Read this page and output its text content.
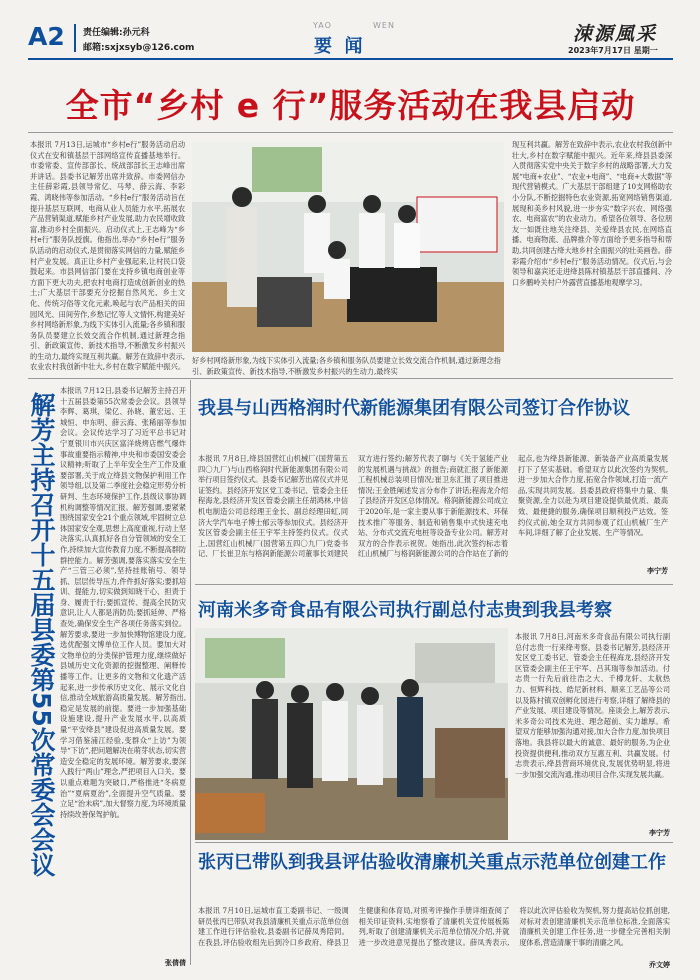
A2 责任编辑:孙元科
邮箱:sxjxsyb@126.com
YAO	WEN
要  闻
涑源風采
2023年7月17日 星期一
全市“乡村 e 行”服务活动在我县启动
本报讯 7月13日,运城市“乡村e行”服务活动启动仪式在安和镇基层干部网络宣传直播基地举行。市委常委、宣传部部长、统战部部长王志峰出席并讲话。县委书记解芳出席并致辞。市委网信办主任薛彩霞,县领导常亿、马琴、薛云海、李彩霞、鸿晓伟等参加活动。“乡村e行”服务活动旨在提升基层互联网、电商从业人员能力水平,拓展农产品营销渠道,赋能乡村产业发展,助力农民增收致富,推动乡村全面振兴。启动仪式上,王志峰为“乡村e行”服务队授旗。他指出,举办“乡村e行”服务队活动的启动仪式,是贯彻落实网信的力量,赋能乡村产业发展。真正让乡村产业强起来,让村民口袋鼓起来。市县网信部门要在支持乡镇电商创业等方面下更大功夫,把农村电商打造成创新创业的热土;广大基层干部要充分挖掘自然风光、乡土文化、传统习俗等文化元素,唤起与农产品相关的田园风光、田间劳作,乡愁记忆等人文情怀,构建美好乡村网络新形象,为线下实体引入流量;各乡镇和服务队员要建立长效交流合作机制,通过新理念指引、新政策宣传、新技术指导,不断激发乡村振兴的生动力,最终实现互利共赢。解芳在致辞中表示,农业农村我创新中壮大,乡村在数字赋能中振兴。
好乡村网络新形象,为线下实体引入流量;各乡镇和服务队员要建立长效交流合作机制,通过新理念指引、新政策宣传、新技术指导,不断激发乡村振兴的生动力,最终实
现互利共赢。解芳在致辞中表示,农业农村我创新中壮大,乡村在数字赋能中振兴。近年来,绛县县委深入贯彻落实党中央关于数字乡村的战略部署,大力发展“电商+农业”、“农业+电商”、“电商+大数据”等现代营销模式。广大基层干部组建了10支网格助农小分队,不断挖掘特色农业资源,拓宽网络销售渠道,展现和美乡村风貌,进一步夯实“数字兴农、网络强农、电商富农”的农业动力。希望各位领导、各位朋友一如既往地关注绛县、关爱绛县农民,在网络直播、电商物流、品牌推介等方面给予更多指导和帮助,共同创建古绛大地乡村全面振兴的壮美画卷。薛彩霞介绍市“乡村e行”服务活动情况。仪式后,与会领导和嘉宾还走进绛县陈村镇基层干部直播间、冷口乡鹏岭关村户外露营直播基地观摩学习。
解芳主持召开十五届县委第55次常委会会议
本报讯 7月12日,县委书记解芳主持召开十五届县委第55次常委会会议。县领导李辉、葛琪、梁亿、孙晓、董宏远、王城恒、申东明、薛云海、张稀丽等参加会议。会议传达学习了习近平总书记对宁夏银川市兴庆区富洋烧烤店燃气爆炸事故重要指示精神,中央和市委国安委会议精神;听取了上半年安全生产工作及重要部署,关于成立绛县文物保护利用工作领导组,以及第二季度社会稳定形势分析研判、生态环境保护工作,县级议事协调机构调整等情况汇报。解芳强调,要紧紧围绕国家安全21个重点领域,牢固树立总体国家安全观,思想上高度重视,行动上坚决落实,认真抓好各自分管领域的安全工作,持续加大宣传教育力度,不断提高群防群控能力。解芳强调,要落实落实安全生产“三管三必须”,坚持挂账销号、领导抓、层层传导压力,件件抓好落实;要抓培训、提能力,切实做到知晓干心、担责于身、履责于行;要抓宣传、提高全民防灾意识,让人人都是消防员;要抓延伸、严格查处,确保安全生产各项任务落实到位。解芳要求,要进一步加快博物馆建设力度,选优配强文博单位工作人员。要加大对文物单位的分类保护管理力度,继续做好县城历史文化资源的挖掘整理、阐释传播等工作。让更多的文物和文化遗产活起来,进一步传承历史文化、展示文化自信,推动全域旅游高质量发展。解芳指出,稳定是发展的前提。要进一步加强基础设施建设,提升产业发展水平,以高质量“平安绛县”建设促进高质量发展。要学习借鉴浦江经验,变群众“上访”为领导“下访”,把问题解决在萌芽状态,切实营造安全稳定的发展环境。解芳要求,要深入践行“两山”理念,严把项目入口关。要以重点难题为突破口,严格推进“冬病夏治”“夏病夏治”,全面提升空气质量。要立足“治未病”,加大督察力度,为环境质量持续改善保驾护航。
张倩倩
我县与山西格润时代新能源集团有限公司签订合作协议
本报讯 7月8日,绛县国营红山机械厂(国营第五四〇九厂)与山西格润时代新能源集团有限公司举行项目签约仪式。县委书记解芳出席仪式并见证签约。县经济开发区党工委书记、管委会主任程海龙,县经济开发区管委会副主任胡鸿林,中信机电制造公司总经理王金长、副总经理田虹,同济大学汽车电子博士郁云等参加仪式。县经济开发区管委会副主任王宇军主持签约仪式。仪式上,国营红山机械厂(国营第五四〇九厂)党委书记、厂长崔卫东与格润新能源公司董事长刘建民双方进行签约;解芳代表了聊与《关于氢能产业的发展机遇与挑战》的报告;商就汇报了新能源工程机械总装项目情况;崔卫东汇报了项目推进情况;王金胜阐述发言分布作了讲话;程海龙介绍了县经济开发区总体情况。格润新能源公司成立于2020年,是一家主要从事于新能源技术、环保技术推广等服务、制造和销售集中式快速充电站、分布式交流充电桩等设备专业公司。解芳对双方的合作表示祝贺。她指出,此次签约标志着红山机械厂与格润新能源公司的合作站在了新的起点,也为绛县新能源、新装备产业高质量发展打下了坚实基础。希望双方以此次签约为契机,进一步加大合作力度,拓宽合作领域,打造一流产品,实现共同发展。县委县政府将集中力量、集聚资源,全力以赴为项目建设提供最优质、最高效、最便捷的服务,确保项目顺利投产达效。签约仪式前,她全双方共同参观了红山机械厂生产车间,详细了解了企业发展、生产等情况。
李宁芳
河南米多奇食品有限公司执行副总付志贵到我县考察
本报讯 7月8日,河南米多奇食品有限公司执行副总付志贵一行来绛考察。县委书记解芳,县经济开发区党工委书记、管委会主任程海龙,县经济开发区管委会副主任王宇军、吕其瑞等参加活动。付志贵一行先后前往浩之大、千樽龙轩、太航热力、恒辉科技、皓尼新材料、顺来工艺品等公司以及陈村镇双创孵化园进行考察,详细了解绛县的产业发展、项目建设等情况。座谈会上,解芳表示,米多奇公司技术先进、理念超前、实力雄厚。希望双方能够加强沟通对接,加大合作力度,加快项目落地。我县将以最大的诚意、最好的服务,为企业投资提供便利,推动双方互惠互利、共赢发展。付志贵表示,绛县营商环境优良,发展优势明显,将进一步加强交流沟通,推动项目合作,实现发展共赢。
李宁芳
张丙巳带队到我县评估验收清廉机关重点示范单位创建工作
本报讯 7月10日,运城市直工委副书记、一级调研员张丙巳带队对我县清廉机关重点示范单位创建工作进行评估验收,县委副书记薛凤秀陪同。在我县,评估验收组先后到冷口乡政府、绛县卫生健康和体育局,对照考评操作手册详细查阅了相关印证资料,实地察看了清廉机关宣传展板陈列,听取了创建清廉机关示范单位情况介绍,并就进一步改进意见提出了整改建议。薛凤秀表示,将以此次评估验收为契机,努力提高站位抓创建,对标对表创建清廉机关示范单位标准,全面落实清廉机关创建工作任务,进一步健全完善相关制度体系,营造清廉干事的清廉之风。
乔文婷
